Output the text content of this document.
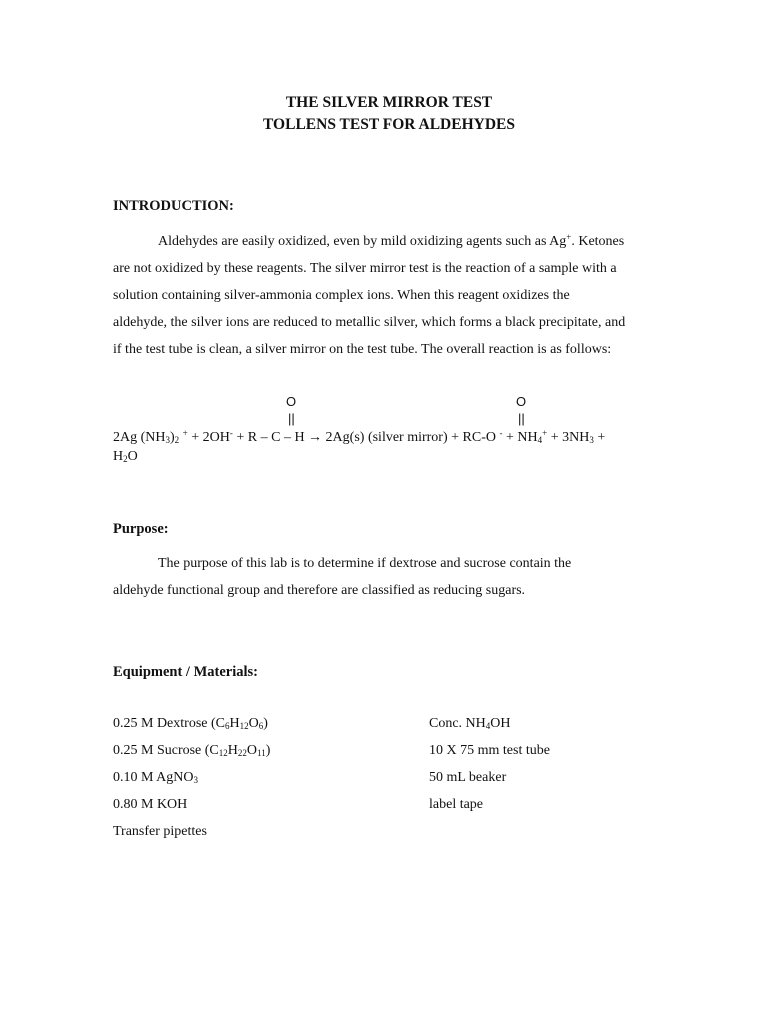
THE SILVER MIRROR TEST
TOLLENS TEST FOR ALDEHYDES
INTRODUCTION:
Aldehydes are easily oxidized, even by mild oxidizing agents such as Ag+. Ketones
are not oxidized by these reagents. The silver mirror test is the reaction of a sample with a
solution containing silver-ammonia complex ions. When this reagent oxidizes the
aldehyde, the silver ions are reduced to metallic silver, which forms a black precipitate, and
if the test tube is clean, a silver mirror on the test tube. The overall reaction is as follows:
O
||
O
||
2Ag $(NH_3)_2$ + + 2OH- + R – C – H → 2Ag(s) (silver mirror) + RC-O $^- + NH_4^+ + 3NH_3$ +
$H_2O$
Purpose:
The purpose of this lab is to determine if dextrose and sucrose contain the
aldehyde functional group and therefore are classified as reducing sugars.
Equipment / Materials:
0.25 M Dextrose $(C_6H_{12}O_6)$
0.25 M Sucrose $(C_{12}H_{22}O_{11})$
0.10 M AgNO$_3$
0.80 M KOH
Transfer pipettes
Conc. $NH_4OH$
10 X 75 mm test tube
50 mL beaker
label tape
